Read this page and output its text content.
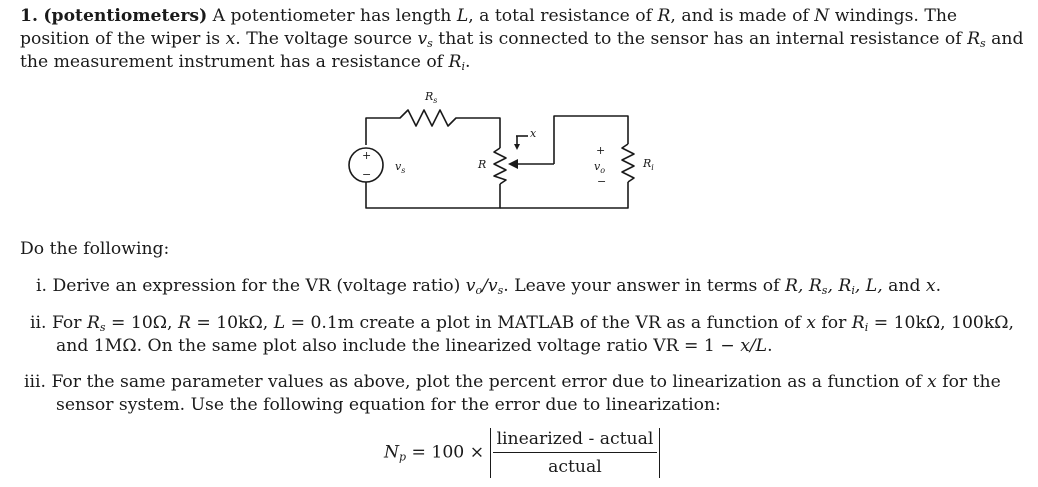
1. (potentiometers) A potentiometer has length L, a total resistance of R, and is made of N windings. The
position of the wiper is x. The voltage source $v_s$ that is connected to the sensor has an internal resistance of $R_s$ and
the measurement instrument has a resistance of $R_i$.
$R_s$
+
−
$v_s$	R
x
+
$v_o$
−
$R_i$
Do the following:
i. Derive an expression for the VR (voltage ratio) $v_o/v_s$. Leave your answer in terms of R, $R_s$, $R_i$, L, and x.
ii. For $R_s = 10\Omega$, R = 10kΩ, L = 0.1m create a plot in MATLAB of the VR as a function of x for $R_i = 10k\Omega$, 100kΩ,
and 1MΩ. On the same plot also include the linearized voltage ratio VR = 1 − x/L.
iii. For the same parameter values as above, plot the percent error due to linearization as a function of x for the
sensor system. Use the following equation for the error due to linearization:
$N_p = 100 \times \frac{\text{linearized - actual}}{\text{actual}}$
